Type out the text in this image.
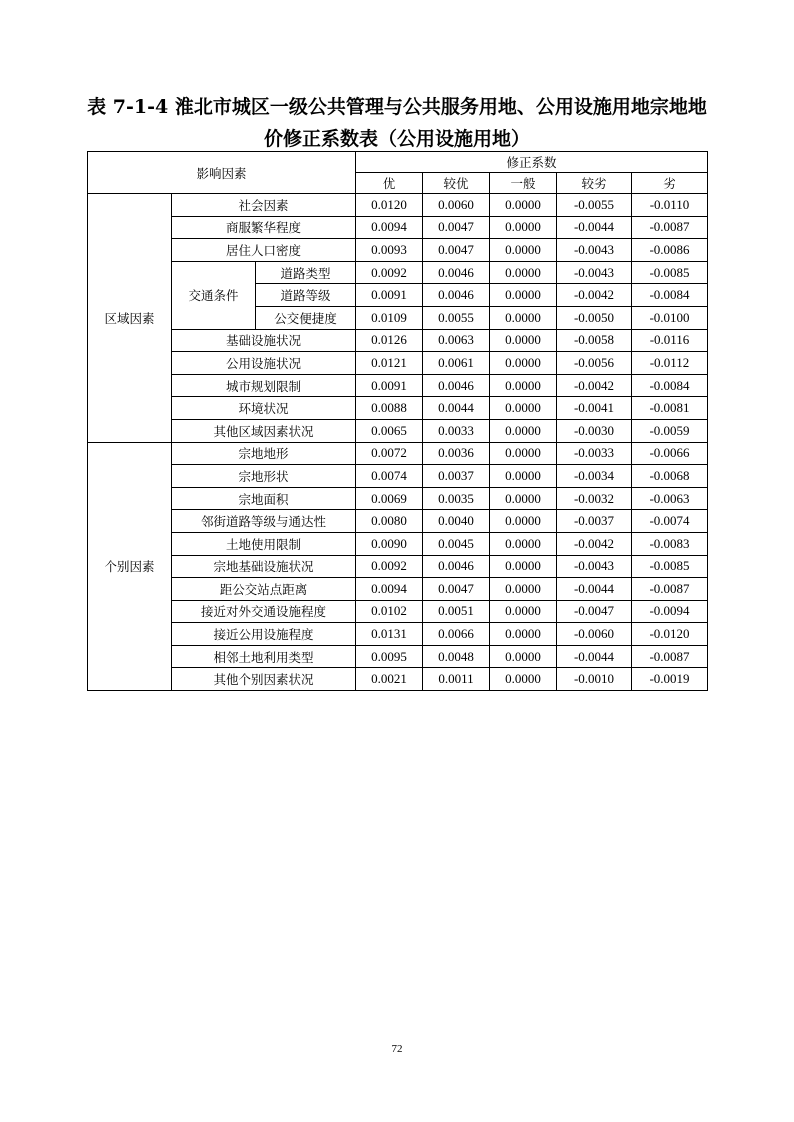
表 7-1-4 淮北市城区一级公共管理与公共服务用地、公用设施用地宗地地
价修正系数表（公用设施用地）
影响因素			修正系数				
			优	较优	一般	较劣	劣
区域因素	社会因素		0.0120	0.0060	0.0000	-0.0055	-0.0110
	商服繁华程度		0.0094	0.0047	0.0000	-0.0044	-0.0087
	居住人口密度		0.0093	0.0047	0.0000	-0.0043	-0.0086
	交通条件	道路类型	0.0092	0.0046	0.0000	-0.0043	-0.0085
		道路等级	0.0091	0.0046	0.0000	-0.0042	-0.0084
		公交便捷度	0.0109	0.0055	0.0000	-0.0050	-0.0100
	基础设施状况		0.0126	0.0063	0.0000	-0.0058	-0.0116
	公用设施状况		0.0121	0.0061	0.0000	-0.0056	-0.0112
	城市规划限制		0.0091	0.0046	0.0000	-0.0042	-0.0084
	环境状况		0.0088	0.0044	0.0000	-0.0041	-0.0081
	其他区域因素状况		0.0065	0.0033	0.0000	-0.0030	-0.0059
个别因素	宗地地形		0.0072	0.0036	0.0000	-0.0033	-0.0066
	宗地形状		0.0074	0.0037	0.0000	-0.0034	-0.0068
	宗地面积		0.0069	0.0035	0.0000	-0.0032	-0.0063
	邻街道路等级与通达性		0.0080	0.0040	0.0000	-0.0037	-0.0074
	土地使用限制		0.0090	0.0045	0.0000	-0.0042	-0.0083
	宗地基础设施状况		0.0092	0.0046	0.0000	-0.0043	-0.0085
	距公交站点距离		0.0094	0.0047	0.0000	-0.0044	-0.0087
	接近对外交通设施程度		0.0102	0.0051	0.0000	-0.0047	-0.0094
	接近公用设施程度		0.0131	0.0066	0.0000	-0.0060	-0.0120
	相邻土地利用类型		0.0095	0.0048	0.0000	-0.0044	-0.0087
	其他个别因素状况		0.0021	0.0011	0.0000	-0.0010	-0.0019
72
